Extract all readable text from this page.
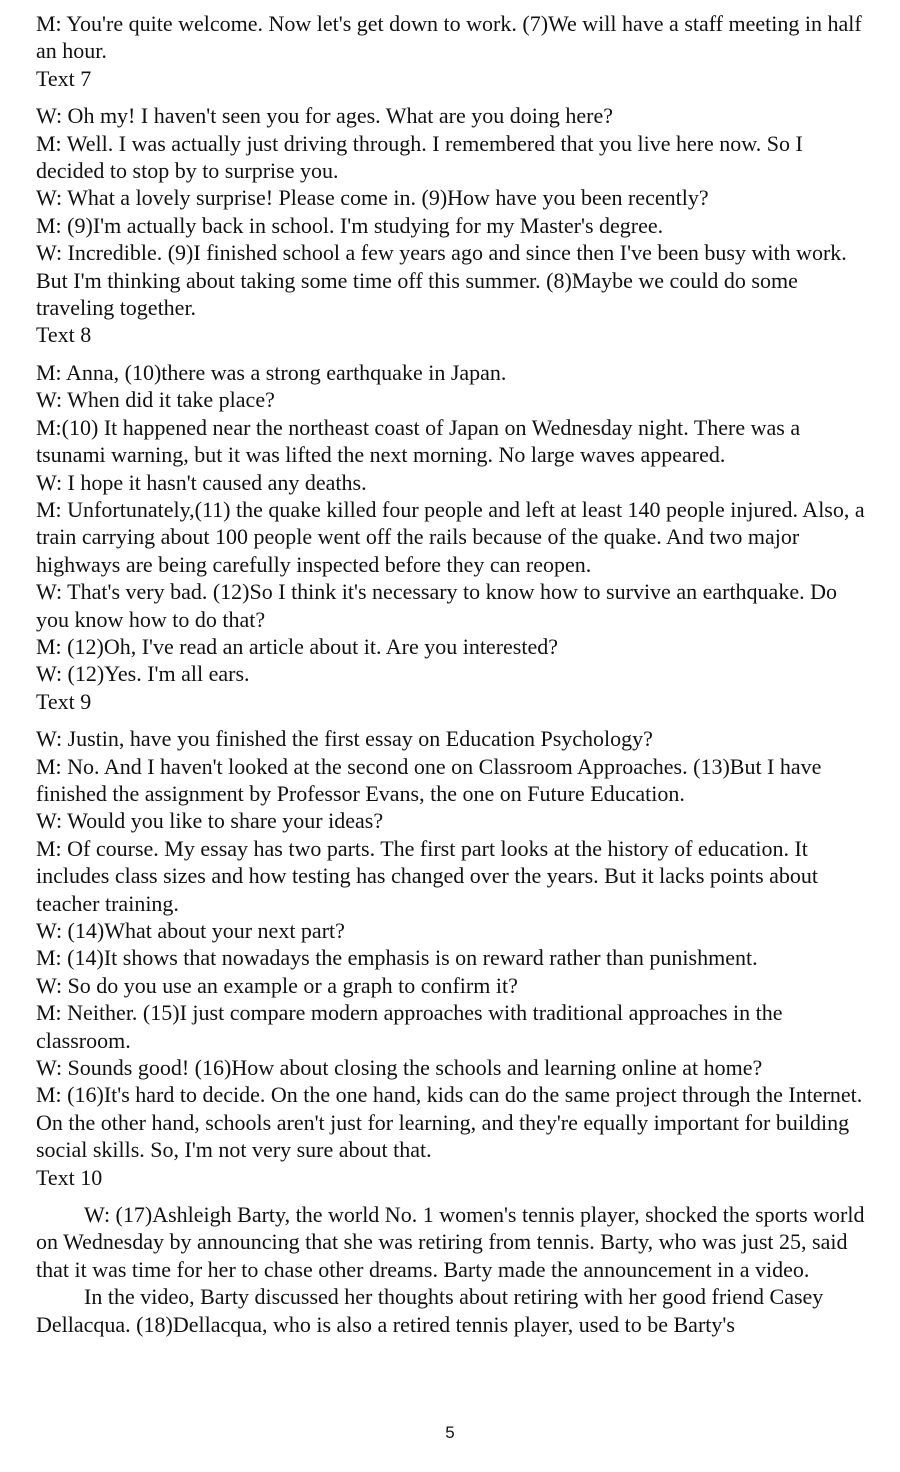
M: You're quite welcome. Now let's get down to work. (7)We will have a staff meeting in half an hour.
Text 7
W: Oh my! I haven't seen you for ages. What are you doing here?
M: Well. I was actually just driving through. I remembered that you live here now. So I decided to stop by to surprise you.
W: What a lovely surprise! Please come in. (9)How have you been recently?
M: (9)I'm actually back in school. I'm studying for my Master's degree.
W: Incredible. (9)I finished school a few years ago and since then I've been busy with work. But I'm thinking about taking some time off this summer. (8)Maybe we could do some traveling together.
Text 8
M: Anna, (10)there was a strong earthquake in Japan.
W: When did it take place?
M:(10) It happened near the northeast coast of Japan on Wednesday night. There was a tsunami warning, but it was lifted the next morning. No large waves appeared.
W: I hope it hasn't caused any deaths.
M: Unfortunately,(11) the quake killed four people and left at least 140 people injured. Also, a train carrying about 100 people went off the rails because of the quake. And two major highways are being carefully inspected before they can reopen.
W: That's very bad. (12)So I think it's necessary to know how to survive an earthquake. Do you know how to do that?
M: (12)Oh, I've read an article about it. Are you interested?
W: (12)Yes. I'm all ears.
Text 9
W: Justin, have you finished the first essay on Education Psychology?
M: No. And I haven't looked at the second one on Classroom Approaches. (13)But I have finished the assignment by Professor Evans, the one on Future Education.
W: Would you like to share your ideas?
M: Of course. My essay has two parts. The first part looks at the history of education. It includes class sizes and how testing has changed over the years. But it lacks points about teacher training.
W: (14)What about your next part?
M: (14)It shows that nowadays the emphasis is on reward rather than punishment.
W: So do you use an example or a graph to confirm it?
M: Neither. (15)I just compare modern approaches with traditional approaches in the classroom.
W: Sounds good! (16)How about closing the schools and learning online at home?
M: (16)It's hard to decide. On the one hand, kids can do the same project through the Internet. On the other hand, schools aren't just for learning, and they're equally important for building social skills. So, I'm not very sure about that.
Text 10
W: (17)Ashleigh Barty, the world No. 1 women's tennis player, shocked the sports world on Wednesday by announcing that she was retiring from tennis. Barty, who was just 25, said that it was time for her to chase other dreams. Barty made the announcement in a video.
In the video, Barty discussed her thoughts about retiring with her good friend Casey Dellacqua. (18)Dellacqua, who is also a retired tennis player, used to be Barty's
5
